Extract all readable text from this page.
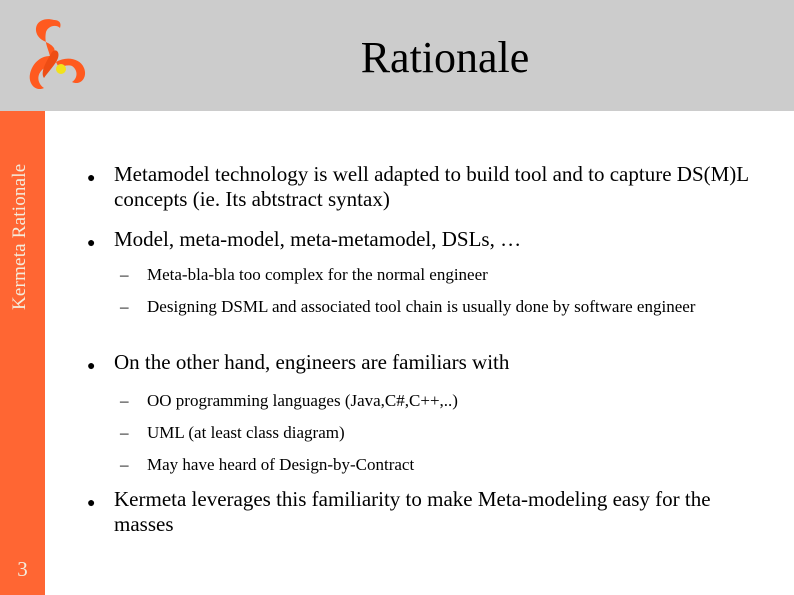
Rationale
Kermeta Rationale
3
● Metamodel technology is well adapted to build tool and to capture DS(M)L concepts (ie. Its abtstract syntax)
● Model, meta-model, meta-metamodel, DSLs, …
– Meta-bla-bla too complex for the normal engineer
– Designing DSML and associated tool chain is usually done by software engineer
● On the other hand, engineers are familiars with
– OO programming languages (Java,C#,C++,..)
– UML (at least class diagram)
– May have heard of Design-by-Contract
● Kermeta leverages this familiarity to make Meta-modeling easy for the masses
